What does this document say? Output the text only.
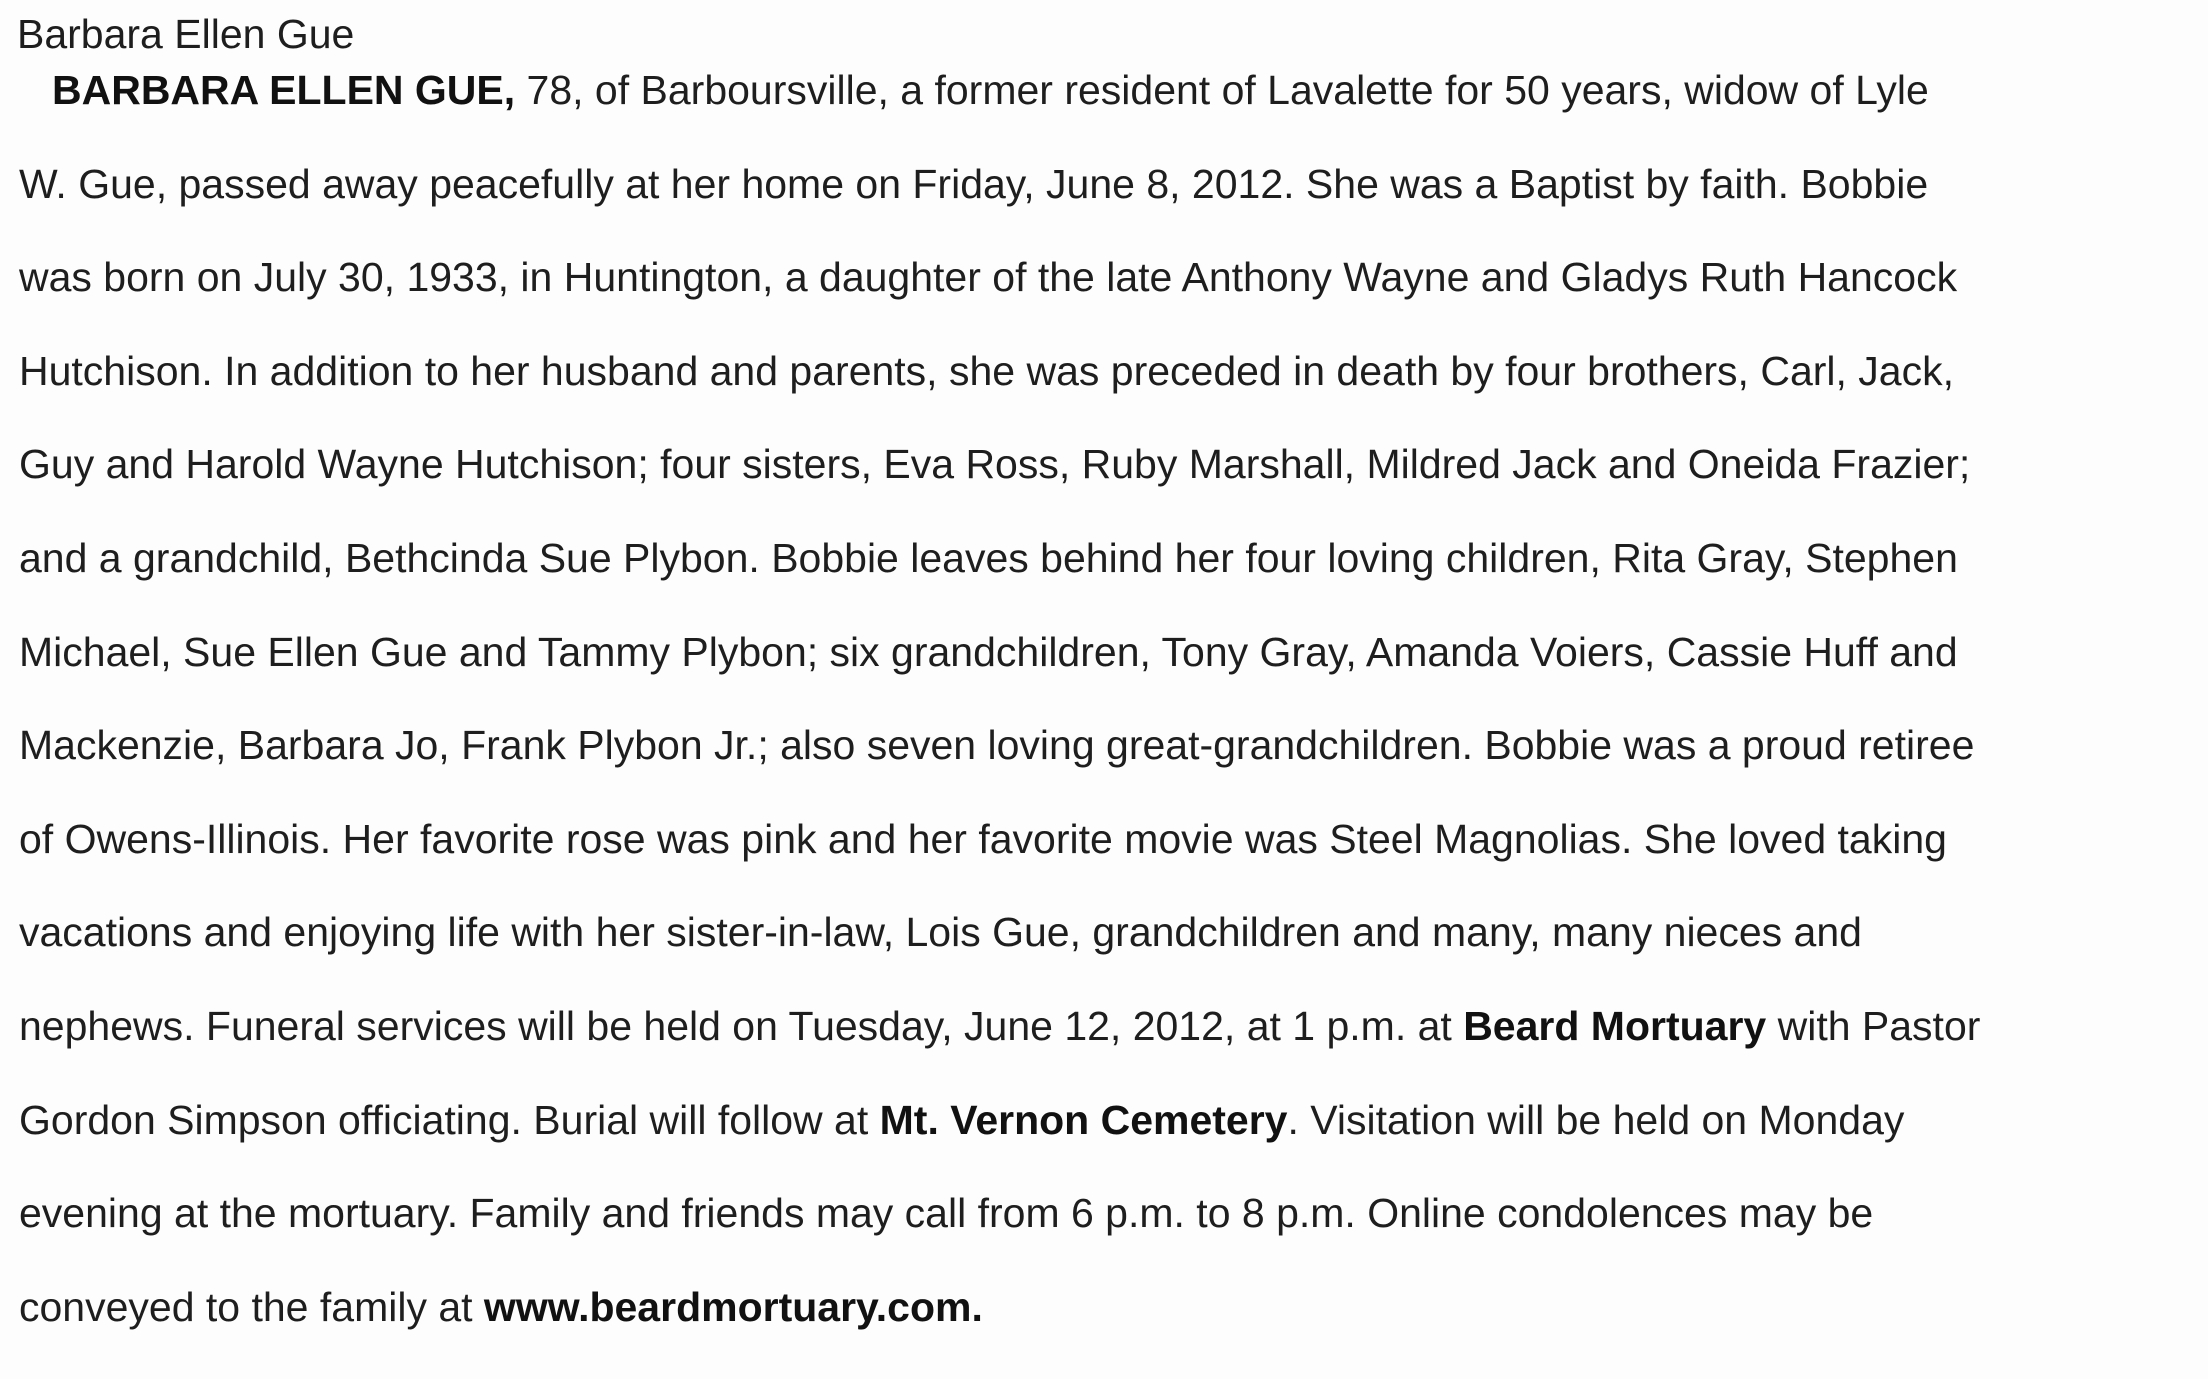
Barbara Ellen Gue
BARBARA ELLEN GUE, 78, of Barboursville, a former resident of Lavalette for 50 years, widow of Lyle
W. Gue, passed away peacefully at her home on Friday, June 8, 2012. She was a Baptist by faith. Bobbie
was born on July 30, 1933, in Huntington, a daughter of the late Anthony Wayne and Gladys Ruth Hancock
Hutchison. In addition to her husband and parents, she was preceded in death by four brothers, Carl, Jack,
Guy and Harold Wayne Hutchison; four sisters, Eva Ross, Ruby Marshall, Mildred Jack and Oneida Frazier;
and a grandchild, Bethcinda Sue Plybon. Bobbie leaves behind her four loving children, Rita Gray, Stephen
Michael, Sue Ellen Gue and Tammy Plybon; six grandchildren, Tony Gray, Amanda Voiers, Cassie Huff and
Mackenzie, Barbara Jo, Frank Plybon Jr.; also seven loving great-grandchildren. Bobbie was a proud retiree
of Owens-Illinois. Her favorite rose was pink and her favorite movie was Steel Magnolias. She loved taking
vacations and enjoying life with her sister-in-law, Lois Gue, grandchildren and many, many nieces and
nephews. Funeral services will be held on Tuesday, June 12, 2012, at 1 p.m. at Beard Mortuary with Pastor
Gordon Simpson officiating. Burial will follow at Mt. Vernon Cemetery. Visitation will be held on Monday
evening at the mortuary. Family and friends may call from 6 p.m. to 8 p.m. Online condolences may be
conveyed to the family at www.beardmortuary.com.
